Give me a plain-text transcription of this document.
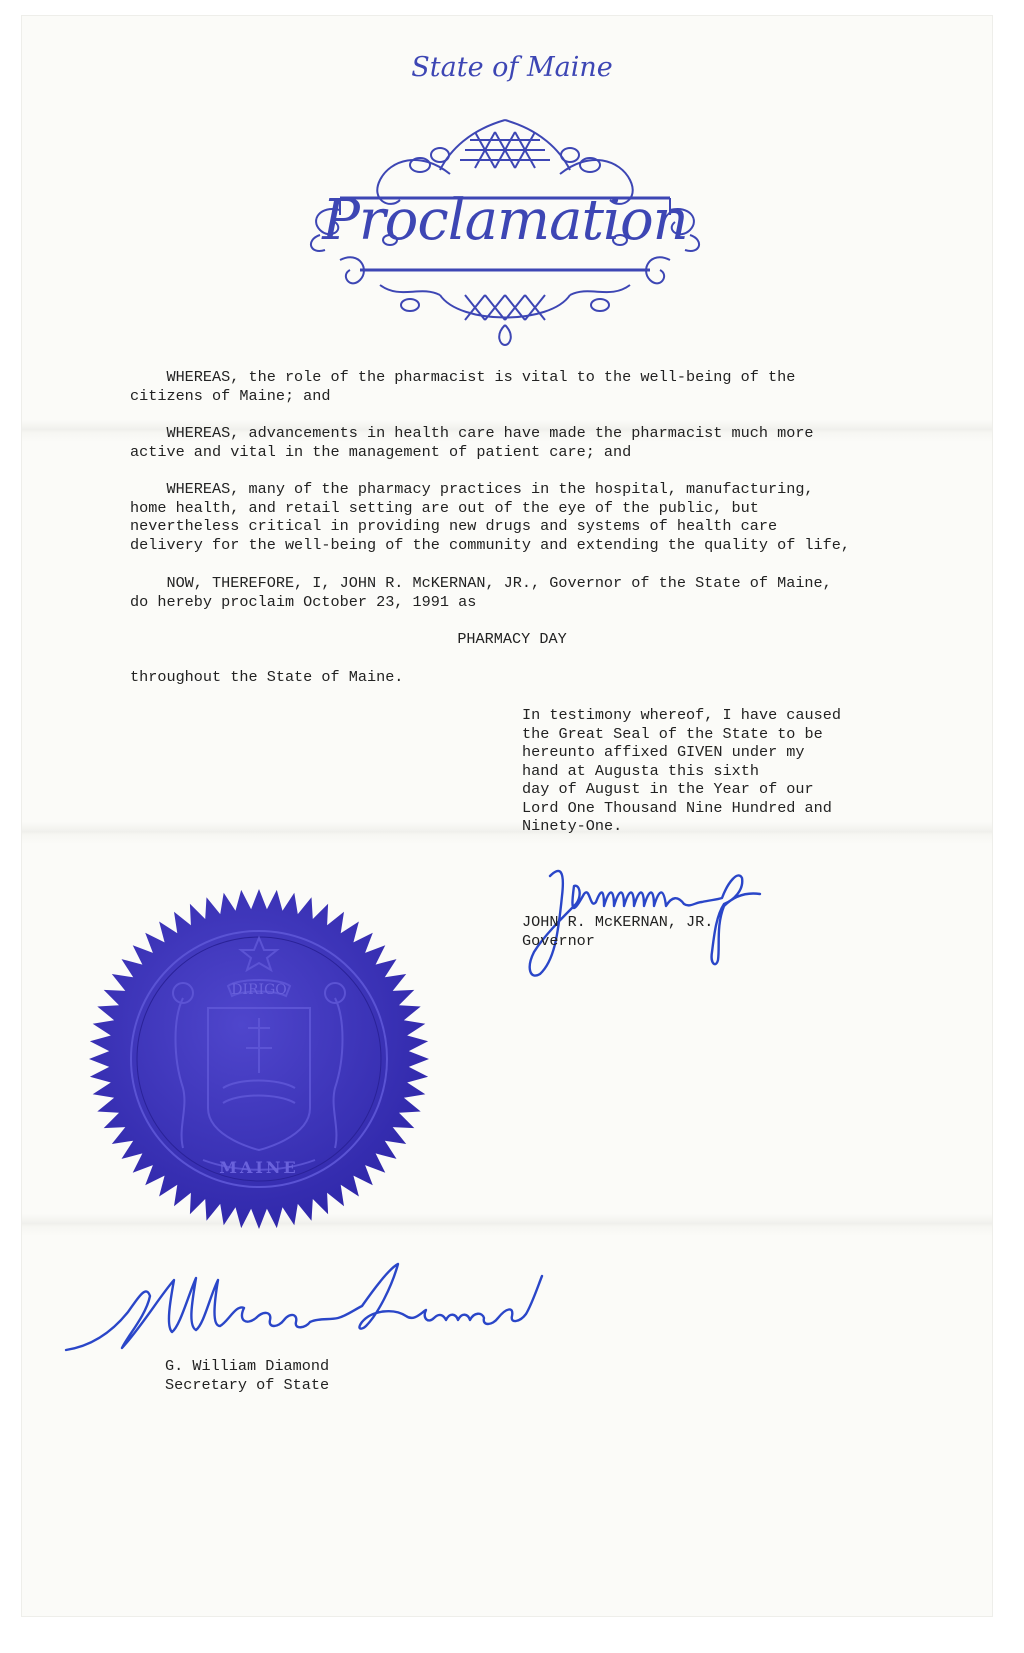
State of Maine
Proclamation
WHEREAS, the role of the pharmacist is vital to the well-being of the
citizens of Maine; and
WHEREAS, advancements in health care have made the pharmacist much more
active and vital in the management of patient care; and
WHEREAS, many of the pharmacy practices in the hospital, manufacturing,
home health, and retail setting are out of the eye of the public, but
nevertheless critical in providing new drugs and systems of health care
delivery for the well-being of the community and extending the quality of life,
NOW, THEREFORE, I, JOHN R. McKERNAN, JR., Governor of the State of Maine,
do hereby proclaim October 23, 1991 as
PHARMACY DAY
throughout the State of Maine.
In testimony whereof, I have caused
the Great Seal of the State to be
hereunto affixed GIVEN under my
hand at Augusta this sixth
day of August in the Year of our
Lord One Thousand Nine Hundred and
Ninety-One.
JOHN R. McKERNAN, JR.
Governor
DIRIGO
MAINE
G. William Diamond
Secretary of State
